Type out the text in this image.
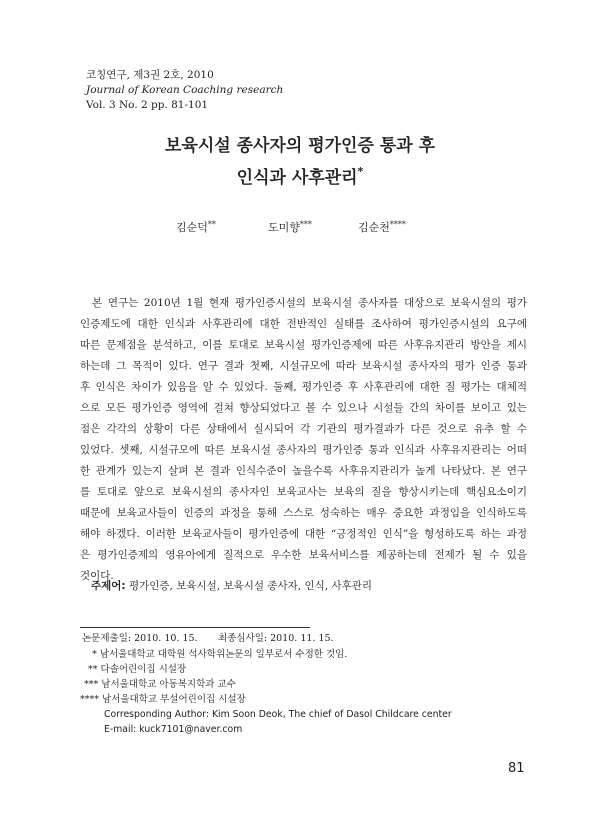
코칭연구, 제3권 2호, 2010
Journal of Korean Coaching research
Vol. 3 No. 2 pp. 81-101
보육시설 종사자의 평가인증 통과 후
인식과 사후관리*
김순덕**	도미향***	김순천****
본 연구는 2010년 1월 현재 평가인증시설의 보육시설 종사자를 대상으로 보육시설의 평가
인증제도에 대한 인식과 사후관리에 대한 전반적인 실태를 조사하여 평가인증시설의 요구에
따른 문제점을 분석하고, 이를 토대로 보육시설 평가인증제에 따른 사후유지관리 방안을 제시
하는데 그 목적이 있다. 연구 결과 첫째, 시설규모에 따라 보육시설 종사자의 평가 인증 통과
후 인식은 차이가 있음을 알 수 있었다. 둘째, 평가인증 후 사후관리에 대한 질 평가는 대체적
으로 모든 평가인증 영역에 걸쳐 향상되었다고 볼 수 있으나 시설들 간의 차이를 보이고 있는
점은 각각의 상황이 다른 상태에서 실시되어 각 기관의 평가결과가 다른 것으로 유추 할 수
있었다. 셋째, 시설규모에 따른 보육시설 종사자의 평가인증 통과 인식과 사후유지관리는 어떠
한 관계가 있는지 살펴 본 결과 인식수준이 높을수록 사후유지관리가 높게 나타났다. 본 연구
를 토대로 앞으로 보육시설의 종사자인 보육교사는 보육의 질을 향상시키는데 핵심요소이기
때문에 보육교사들이 인증의 과정을 통해 스스로 성숙하는 매우 중요한 과정임을 인식하도록
해야 하겠다. 이러한 보육교사들이 평가인증에 대한 “긍정적인 인식”을 형성하도록 하는 과정
은 평가인증제의 영유아에게 질적으로 우수한 보육서비스를 제공하는데 전제가 될 수 있을
것이다.
주제어: 평가인증, 보육시설, 보육시설 종사자, 인식, 사후관리
논문제출일: 2010. 10. 15. 최종심사일: 2010. 11. 15.
* 남서울대학교 대학원 석사학위논문의 일부로서 수정한 것임.
** 다솔어린이집 시설장
*** 남서울대학교 아동복지학과 교수
**** 남서울대학교 부설어린이집 시설장
Corresponding Author: Kim Soon Deok, The chief of Dasol Childcare center
E-mail: kuck7101@naver.com
81
